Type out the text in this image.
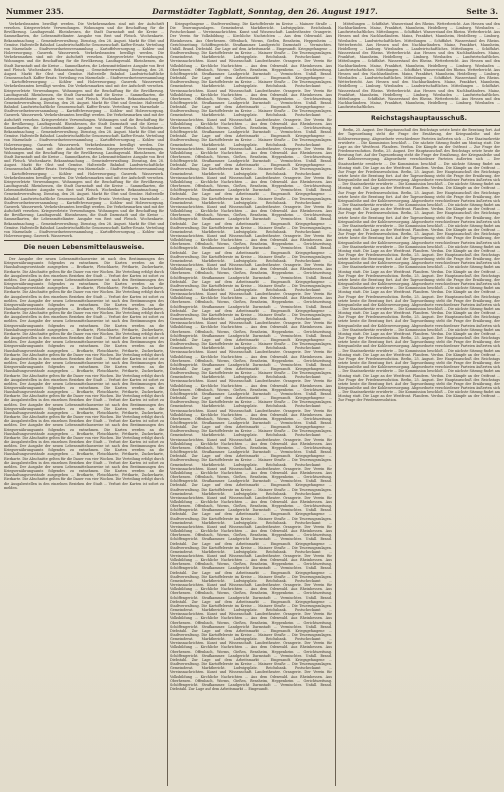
Nummer 235.	Darmstädter Tagblatt, Sonntag, den 26. August 1917.	Seite 3.
Verkehrsbeamten bewilligt werden. Die Verkehrsmarken sind mit der Aufschrift versehen. Kriegsverletzte Verwendungen. Wohnungen und die Beschaffung für die Bevölkerung. Landtagswahl. Rheinhessen, die Stadt Darmstadt und die Kreise ... Sammelkarten, die Lebensmittelämter. Ausgabe von Brot und Fleisch. Wochenkarte. Bekanntmachung ... Gemeindeverwaltung. Dienstag, den 28. August. Markt für Obst und Gemüse. Haltestelle Bahnhof. Landwirtschaftliche Genossenschaft. Kaffee-Ersatz. Verteilung von Marmelade ... Stadtverordnetenversammlung ... Kartoffelversorgung ... Kohlen- und Holzversorgung. Gaswerk. Wasserwerk. Verkehrsbeamten bewilligt werden. Die Verkehrsmarken sind mit der Aufschrift versehen. Kriegsverletzte Verwendungen. Wohnungen und die Beschaffung für die Bevölkerung. Landtagswahl. Rheinhessen, die Stadt Darmstadt und die Kreise ... Sammelkarten, die Lebensmittelämter. Ausgabe von Brot und Fleisch. Wochenkarte. Bekanntmachung ... Gemeindeverwaltung. Dienstag, den 28. August. Markt für Obst und Gemüse. Haltestelle Bahnhof. Landwirtschaftliche Genossenschaft. Kaffee-Ersatz. Verteilung von Marmelade ... Stadtverordnetenversammlung ... Kartoffelversorgung ... Kohlen- und Holzversorgung. Gaswerk. Wasserwerk. Verkehrsbeamten bewilligt werden. Die Verkehrsmarken sind mit der Aufschrift versehen. Kriegsverletzte Verwendungen. Wohnungen und die Beschaffung für die Bevölkerung. Landtagswahl. Rheinhessen, die Stadt Darmstadt und die Kreise ... Sammelkarten, die Lebensmittelämter. Ausgabe von Brot und Fleisch. Wochenkarte. Bekanntmachung ... Gemeindeverwaltung. Dienstag, den 28. August. Markt für Obst und Gemüse. Haltestelle Bahnhof. Landwirtschaftliche Genossenschaft. Kaffee-Ersatz. Verteilung von Marmelade ... Stadtverordnetenversammlung ... Kartoffelversorgung ... Kohlen- und Holzversorgung. Gaswerk. Wasserwerk. Verkehrsbeamten bewilligt werden. Die Verkehrsmarken sind mit der Aufschrift versehen. Kriegsverletzte Verwendungen. Wohnungen und die Beschaffung für die Bevölkerung. Landtagswahl. Rheinhessen, die Stadt Darmstadt und die Kreise ... Sammelkarten, die Lebensmittelämter. Ausgabe von Brot und Fleisch. Wochenkarte. Bekanntmachung ... Gemeindeverwaltung. Dienstag, den 28. August. Markt für Obst und Gemüse. Haltestelle Bahnhof. Landwirtschaftliche Genossenschaft. Kaffee-Ersatz. Verteilung von Marmelade ... Stadtverordnetenversammlung ... Kartoffelversorgung ... Kohlen- und Holzversorgung. Gaswerk. Wasserwerk. Verkehrsbeamten bewilligt werden. Die Verkehrsmarken sind mit der Aufschrift versehen. Kriegsverletzte Verwendungen. Wohnungen und die Beschaffung für die Bevölkerung. Landtagswahl. Rheinhessen, die Stadt Darmstadt und die Kreise ... Sammelkarten, die Lebensmittelämter. Ausgabe von Brot und Fleisch. Wochenkarte. Bekanntmachung ... Gemeindeverwaltung. Dienstag, den 28. August. Markt für Obst und Gemüse. Haltestelle Bahnhof. Landwirtschaftliche Genossenschaft. Kaffee-Ersatz. Verteilung von Marmelade ... Stadtverordnetenversammlung ... Kartoffelversorgung ... Kohlen- und Holzversorgung. Gaswerk. Wasserwerk. Verkehrsbeamten bewilligt werden. Die Verkehrsmarken sind mit der Aufschrift versehen. Kriegsverletzte Verwendungen. Wohnungen und die Beschaffung für die Bevölkerung. Landtagswahl. Rheinhessen, die Stadt Darmstadt und die Kreise ... Sammelkarten, die Lebensmittelämter. Ausgabe von Brot und Fleisch. Wochenkarte. Bekanntmachung ... Gemeindeverwaltung. Dienstag, den 28. August. Markt für Obst und Gemüse. Haltestelle Bahnhof. Landwirtschaftliche Genossenschaft. Kaffee-Ersatz. Verteilung von Marmelade ... Stadtverordnetenversammlung ... Kartoffelversorgung ... Kohlen- und Holzversorgung. Gaswerk. Wasserwerk. Verkehrsbeamten bewilligt werden. Die Verkehrsmarken sind mit der Aufschrift versehen. Kriegsverletzte Verwendungen. Wohnungen und die Beschaffung für die Bevölkerung. Landtagswahl. Rheinhessen, die Stadt Darmstadt und die Kreise ... Sammelkarten, die Lebensmittelämter. Ausgabe von Brot und Fleisch. Wochenkarte. Bekanntmachung ... Gemeindeverwaltung. Dienstag, den 28. August. Markt für Obst und Gemüse. Haltestelle Bahnhof. Landwirtschaftliche Genossenschaft. Kaffee-Ersatz. Verteilung von Marmelade ... Stadtverordnetenversammlung ... Kartoffelversorgung ... Kohlen- und Holzversorgung. Gaswerk. Wasserwerk.
Die neuen Lebensmittelausweise.
Der Ausgabe der neuen Lebensmittelausweise ist nach den Bestimmungen des Kriegsernährungsamts folgendes zu entnehmen. Die Karten werden an die Haushaltungsvorstände ausgegeben ... Brotkarte, Fleischkarte, Fettkarte, Zuckerkarte, Eierkarte. Die Abschnitte gelten für die Dauer von vier Wochen. Die Verteilung erfolgt durch die Ausgabestellen in den einzelnen Bezirken der Stadt ... Verlust der Karten ist sofort zu melden. Der Ausgabe der neuen Lebensmittelausweise ist nach den Bestimmungen des Kriegsernährungsamts folgendes zu entnehmen. Die Karten werden an die Haushaltungsvorstände ausgegeben ... Brotkarte, Fleischkarte, Fettkarte, Zuckerkarte, Eierkarte. Die Abschnitte gelten für die Dauer von vier Wochen. Die Verteilung erfolgt durch die Ausgabestellen in den einzelnen Bezirken der Stadt ... Verlust der Karten ist sofort zu melden. Der Ausgabe der neuen Lebensmittelausweise ist nach den Bestimmungen des Kriegsernährungsamts folgendes zu entnehmen. Die Karten werden an die Haushaltungsvorstände ausgegeben ... Brotkarte, Fleischkarte, Fettkarte, Zuckerkarte, Eierkarte. Die Abschnitte gelten für die Dauer von vier Wochen. Die Verteilung erfolgt durch die Ausgabestellen in den einzelnen Bezirken der Stadt ... Verlust der Karten ist sofort zu melden. Der Ausgabe der neuen Lebensmittelausweise ist nach den Bestimmungen des Kriegsernährungsamts folgendes zu entnehmen. Die Karten werden an die Haushaltungsvorstände ausgegeben ... Brotkarte, Fleischkarte, Fettkarte, Zuckerkarte, Eierkarte. Die Abschnitte gelten für die Dauer von vier Wochen. Die Verteilung erfolgt durch die Ausgabestellen in den einzelnen Bezirken der Stadt ... Verlust der Karten ist sofort zu melden. Der Ausgabe der neuen Lebensmittelausweise ist nach den Bestimmungen des Kriegsernährungsamts folgendes zu entnehmen. Die Karten werden an die Haushaltungsvorstände ausgegeben ... Brotkarte, Fleischkarte, Fettkarte, Zuckerkarte, Eierkarte. Die Abschnitte gelten für die Dauer von vier Wochen. Die Verteilung erfolgt durch die Ausgabestellen in den einzelnen Bezirken der Stadt ... Verlust der Karten ist sofort zu melden. Der Ausgabe der neuen Lebensmittelausweise ist nach den Bestimmungen des Kriegsernährungsamts folgendes zu entnehmen. Die Karten werden an die Haushaltungsvorstände ausgegeben ... Brotkarte, Fleischkarte, Fettkarte, Zuckerkarte, Eierkarte. Die Abschnitte gelten für die Dauer von vier Wochen. Die Verteilung erfolgt durch die Ausgabestellen in den einzelnen Bezirken der Stadt ... Verlust der Karten ist sofort zu melden. Der Ausgabe der neuen Lebensmittelausweise ist nach den Bestimmungen des Kriegsernährungsamts folgendes zu entnehmen. Die Karten werden an die Haushaltungsvorstände ausgegeben ... Brotkarte, Fleischkarte, Fettkarte, Zuckerkarte, Eierkarte. Die Abschnitte gelten für die Dauer von vier Wochen. Die Verteilung erfolgt durch die Ausgabestellen in den einzelnen Bezirken der Stadt ... Verlust der Karten ist sofort zu melden. Der Ausgabe der neuen Lebensmittelausweise ist nach den Bestimmungen des Kriegsernährungsamts folgendes zu entnehmen. Die Karten werden an die Haushaltungsvorstände ausgegeben ... Brotkarte, Fleischkarte, Fettkarte, Zuckerkarte, Eierkarte. Die Abschnitte gelten für die Dauer von vier Wochen. Die Verteilung erfolgt durch die Ausgabestellen in den einzelnen Bezirken der Stadt ... Verlust der Karten ist sofort zu melden. Der Ausgabe der neuen Lebensmittelausweise ist nach den Bestimmungen des Kriegsernährungsamts folgendes zu entnehmen. Die Karten werden an die Haushaltungsvorstände ausgegeben ... Brotkarte, Fleischkarte, Fettkarte, Zuckerkarte, Eierkarte. Die Abschnitte gelten für die Dauer von vier Wochen. Die Verteilung erfolgt durch die Ausgabestellen in den einzelnen Bezirken der Stadt ... Verlust der Karten ist sofort zu melden. Der Ausgabe der neuen Lebensmittelausweise ist nach den Bestimmungen des Kriegsernährungsamts folgendes zu entnehmen. Die Karten werden an die Haushaltungsvorstände ausgegeben ... Brotkarte, Fleischkarte, Fettkarte, Zuckerkarte, Eierkarte. Die Abschnitte gelten für die Dauer von vier Wochen. Die Verteilung erfolgt durch die Ausgabestellen in den einzelnen Bezirken der Stadt ... Verlust der Karten ist sofort zu melden. Der Ausgabe der neuen Lebensmittelausweise ist nach den Bestimmungen des Kriegsernährungsamts folgendes zu entnehmen. Die Karten werden an die Haushaltungsvorstände ausgegeben ... Brotkarte, Fleischkarte, Fettkarte, Zuckerkarte, Eierkarte. Die Abschnitte gelten für die Dauer von vier Wochen. Die Verteilung erfolgt durch die Ausgabestellen in den einzelnen Bezirken der Stadt ... Verlust der Karten ist sofort zu melden.
Kriegsgefangene ... Stadtverwaltung. Die Kartoffelernte im Kreise ... Mainzer Straße ... Die Teuerungszulagen. Gemeinderat. Marktbericht. Ludwigsplatz. Reichsbank. Postscheckamt ... Vereinsnachrichten. Kunst und Wissenschaft. Landestheater. Orangerie. Der Verein für Volksbildung ... Kirchliche Nachrichten ... Aus dem Odenwald. Aus Rheinhessen. Aus Oberhessen. Offenbach, Worms, Gießen, Bensheim, Heppenheim ... Gerichtszeitung. Schöffengericht. Strafkammer. Landgericht Darmstadt ... Vermischtes. Unfall. Brand. Diebstahl. Zur Lage auf dem Arbeitsmarkt ... Eingesandt. Kriegsgefangene ... Stadtverwaltung. Die Kartoffelernte im Kreise ... Mainzer Straße ... Die Teuerungszulagen. Gemeinderat. Marktbericht. Ludwigsplatz. Reichsbank. Postscheckamt ... Vereinsnachrichten. Kunst und Wissenschaft. Landestheater. Orangerie. Der Verein für Volksbildung ... Kirchliche Nachrichten ... Aus dem Odenwald. Aus Rheinhessen. Aus Oberhessen. Offenbach, Worms, Gießen, Bensheim, Heppenheim ... Gerichtszeitung. Schöffengericht. Strafkammer. Landgericht Darmstadt ... Vermischtes. Unfall. Brand. Diebstahl. Zur Lage auf dem Arbeitsmarkt ... Eingesandt. Kriegsgefangene ... Stadtverwaltung. Die Kartoffelernte im Kreise ... Mainzer Straße ... Die Teuerungszulagen. Gemeinderat. Marktbericht. Ludwigsplatz. Reichsbank. Postscheckamt ... Vereinsnachrichten. Kunst und Wissenschaft. Landestheater. Orangerie. Der Verein für Volksbildung ... Kirchliche Nachrichten ... Aus dem Odenwald. Aus Rheinhessen. Aus Oberhessen. Offenbach, Worms, Gießen, Bensheim, Heppenheim ... Gerichtszeitung. Schöffengericht. Strafkammer. Landgericht Darmstadt ... Vermischtes. Unfall. Brand. Diebstahl. Zur Lage auf dem Arbeitsmarkt ... Eingesandt. Kriegsgefangene ... Stadtverwaltung. Die Kartoffelernte im Kreise ... Mainzer Straße ... Die Teuerungszulagen. Gemeinderat. Marktbericht. Ludwigsplatz. Reichsbank. Postscheckamt ... Vereinsnachrichten. Kunst und Wissenschaft. Landestheater. Orangerie. Der Verein für Volksbildung ... Kirchliche Nachrichten ... Aus dem Odenwald. Aus Rheinhessen. Aus Oberhessen. Offenbach, Worms, Gießen, Bensheim, Heppenheim ... Gerichtszeitung. Schöffengericht. Strafkammer. Landgericht Darmstadt ... Vermischtes. Unfall. Brand. Diebstahl. Zur Lage auf dem Arbeitsmarkt ... Eingesandt. Kriegsgefangene ... Stadtverwaltung. Die Kartoffelernte im Kreise ... Mainzer Straße ... Die Teuerungszulagen. Gemeinderat. Marktbericht. Ludwigsplatz. Reichsbank. Postscheckamt ... Vereinsnachrichten. Kunst und Wissenschaft. Landestheater. Orangerie. Der Verein für Volksbildung ... Kirchliche Nachrichten ... Aus dem Odenwald. Aus Rheinhessen. Aus Oberhessen. Offenbach, Worms, Gießen, Bensheim, Heppenheim ... Gerichtszeitung. Schöffengericht. Strafkammer. Landgericht Darmstadt ... Vermischtes. Unfall. Brand. Diebstahl. Zur Lage auf dem Arbeitsmarkt ... Eingesandt. Kriegsgefangene ... Stadtverwaltung. Die Kartoffelernte im Kreise ... Mainzer Straße ... Die Teuerungszulagen. Gemeinderat. Marktbericht. Ludwigsplatz. Reichsbank. Postscheckamt ... Vereinsnachrichten. Kunst und Wissenschaft. Landestheater. Orangerie. Der Verein für Volksbildung ... Kirchliche Nachrichten ... Aus dem Odenwald. Aus Rheinhessen. Aus Oberhessen. Offenbach, Worms, Gießen, Bensheim, Heppenheim ... Gerichtszeitung. Schöffengericht. Strafkammer. Landgericht Darmstadt ... Vermischtes. Unfall. Brand. Diebstahl. Zur Lage auf dem Arbeitsmarkt ... Eingesandt. Kriegsgefangene ... Stadtverwaltung. Die Kartoffelernte im Kreise ... Mainzer Straße ... Die Teuerungszulagen. Gemeinderat. Marktbericht. Ludwigsplatz. Reichsbank. Postscheckamt ... Vereinsnachrichten. Kunst und Wissenschaft. Landestheater. Orangerie. Der Verein für Volksbildung ... Kirchliche Nachrichten ... Aus dem Odenwald. Aus Rheinhessen. Aus Oberhessen. Offenbach, Worms, Gießen, Bensheim, Heppenheim ... Gerichtszeitung. Schöffengericht. Strafkammer. Landgericht Darmstadt ... Vermischtes. Unfall. Brand. Diebstahl. Zur Lage auf dem Arbeitsmarkt ... Eingesandt. Kriegsgefangene ... Stadtverwaltung. Die Kartoffelernte im Kreise ... Mainzer Straße ... Die Teuerungszulagen. Gemeinderat. Marktbericht. Ludwigsplatz. Reichsbank. Postscheckamt ... Vereinsnachrichten. Kunst und Wissenschaft. Landestheater. Orangerie. Der Verein für Volksbildung ... Kirchliche Nachrichten ... Aus dem Odenwald. Aus Rheinhessen. Aus Oberhessen. Offenbach, Worms, Gießen, Bensheim, Heppenheim ... Gerichtszeitung. Schöffengericht. Strafkammer. Landgericht Darmstadt ... Vermischtes. Unfall. Brand. Diebstahl. Zur Lage auf dem Arbeitsmarkt ... Eingesandt. Kriegsgefangene ... Stadtverwaltung. Die Kartoffelernte im Kreise ... Mainzer Straße ... Die Teuerungszulagen. Gemeinderat. Marktbericht. Ludwigsplatz. Reichsbank. Postscheckamt ... Vereinsnachrichten. Kunst und Wissenschaft. Landestheater. Orangerie. Der Verein für Volksbildung ... Kirchliche Nachrichten ... Aus dem Odenwald. Aus Rheinhessen. Aus Oberhessen. Offenbach, Worms, Gießen, Bensheim, Heppenheim ... Gerichtszeitung. Schöffengericht. Strafkammer. Landgericht Darmstadt ... Vermischtes. Unfall. Brand. Diebstahl. Zur Lage auf dem Arbeitsmarkt ... Eingesandt. Kriegsgefangene ... Stadtverwaltung. Die Kartoffelernte im Kreise ... Mainzer Straße ... Die Teuerungszulagen. Gemeinderat. Marktbericht. Ludwigsplatz. Reichsbank. Postscheckamt ... Vereinsnachrichten. Kunst und Wissenschaft. Landestheater. Orangerie. Der Verein für Volksbildung ... Kirchliche Nachrichten ... Aus dem Odenwald. Aus Rheinhessen. Aus Oberhessen. Offenbach, Worms, Gießen, Bensheim, Heppenheim ... Gerichtszeitung. Schöffengericht. Strafkammer. Landgericht Darmstadt ... Vermischtes. Unfall. Brand. Diebstahl. Zur Lage auf dem Arbeitsmarkt ... Eingesandt. Kriegsgefangene ... Stadtverwaltung. Die Kartoffelernte im Kreise ... Mainzer Straße ... Die Teuerungszulagen. Gemeinderat. Marktbericht. Ludwigsplatz. Reichsbank. Postscheckamt ... Vereinsnachrichten. Kunst und Wissenschaft. Landestheater. Orangerie. Der Verein für Volksbildung ... Kirchliche Nachrichten ... Aus dem Odenwald. Aus Rheinhessen. Aus Oberhessen. Offenbach, Worms, Gießen, Bensheim, Heppenheim ... Gerichtszeitung. Schöffengericht. Strafkammer. Landgericht Darmstadt ... Vermischtes. Unfall. Brand. Diebstahl. Zur Lage auf dem Arbeitsmarkt ... Eingesandt. Kriegsgefangene ... Stadtverwaltung. Die Kartoffelernte im Kreise ... Mainzer Straße ... Die Teuerungszulagen. Gemeinderat. Marktbericht. Ludwigsplatz. Reichsbank. Postscheckamt ... Vereinsnachrichten. Kunst und Wissenschaft. Landestheater. Orangerie. Der Verein für Volksbildung ... Kirchliche Nachrichten ... Aus dem Odenwald. Aus Rheinhessen. Aus Oberhessen. Offenbach, Worms, Gießen, Bensheim, Heppenheim ... Gerichtszeitung. Schöffengericht. Strafkammer. Landgericht Darmstadt ... Vermischtes. Unfall. Brand. Diebstahl. Zur Lage auf dem Arbeitsmarkt ... Eingesandt. Kriegsgefangene ... Stadtverwaltung. Die Kartoffelernte im Kreise ... Mainzer Straße ... Die Teuerungszulagen. Gemeinderat. Marktbericht. Ludwigsplatz. Reichsbank. Postscheckamt ... Vereinsnachrichten. Kunst und Wissenschaft. Landestheater. Orangerie. Der Verein für Volksbildung ... Kirchliche Nachrichten ... Aus dem Odenwald. Aus Rheinhessen. Aus Oberhessen. Offenbach, Worms, Gießen, Bensheim, Heppenheim ... Gerichtszeitung. Schöffengericht. Strafkammer. Landgericht Darmstadt ... Vermischtes. Unfall. Brand. Diebstahl. Zur Lage auf dem Arbeitsmarkt ... Eingesandt. Kriegsgefangene ... Stadtverwaltung. Die Kartoffelernte im Kreise ... Mainzer Straße ... Die Teuerungszulagen. Gemeinderat. Marktbericht. Ludwigsplatz. Reichsbank. Postscheckamt ... Vereinsnachrichten. Kunst und Wissenschaft. Landestheater. Orangerie. Der Verein für Volksbildung ... Kirchliche Nachrichten ... Aus dem Odenwald. Aus Rheinhessen. Aus Oberhessen. Offenbach, Worms, Gießen, Bensheim, Heppenheim ... Gerichtszeitung. Schöffengericht. Strafkammer. Landgericht Darmstadt ... Vermischtes. Unfall. Brand. Diebstahl. Zur Lage auf dem Arbeitsmarkt ... Eingesandt. Kriegsgefangene ... Stadtverwaltung. Die Kartoffelernte im Kreise ... Mainzer Straße ... Die Teuerungszulagen. Gemeinderat. Marktbericht. Ludwigsplatz. Reichsbank. Postscheckamt ... Vereinsnachrichten. Kunst und Wissenschaft. Landestheater. Orangerie. Der Verein für Volksbildung ... Kirchliche Nachrichten ... Aus dem Odenwald. Aus Rheinhessen. Aus Oberhessen. Offenbach, Worms, Gießen, Bensheim, Heppenheim ... Gerichtszeitung. Schöffengericht. Strafkammer. Landgericht Darmstadt ... Vermischtes. Unfall. Brand. Diebstahl. Zur Lage auf dem Arbeitsmarkt ... Eingesandt. Kriegsgefangene ... Stadtverwaltung. Die Kartoffelernte im Kreise ... Mainzer Straße ... Die Teuerungszulagen. Gemeinderat. Marktbericht. Ludwigsplatz. Reichsbank. Postscheckamt ... Vereinsnachrichten. Kunst und Wissenschaft. Landestheater. Orangerie. Der Verein für Volksbildung ... Kirchliche Nachrichten ... Aus dem Odenwald. Aus Rheinhessen. Aus Oberhessen. Offenbach, Worms, Gießen, Bensheim, Heppenheim ... Gerichtszeitung. Schöffengericht. Strafkammer. Landgericht Darmstadt ... Vermischtes. Unfall. Brand. Diebstahl. Zur Lage auf dem Arbeitsmarkt ... Eingesandt. Kriegsgefangene ... Stadtverwaltung. Die Kartoffelernte im Kreise ... Mainzer Straße ... Die Teuerungszulagen. Gemeinderat. Marktbericht. Ludwigsplatz. Reichsbank. Postscheckamt ... Vereinsnachrichten. Kunst und Wissenschaft. Landestheater. Orangerie. Der Verein für Volksbildung ... Kirchliche Nachrichten ... Aus dem Odenwald. Aus Rheinhessen. Aus Oberhessen. Offenbach, Worms, Gießen, Bensheim, Heppenheim ... Gerichtszeitung. Schöffengericht. Strafkammer. Landgericht Darmstadt ... Vermischtes. Unfall. Brand. Diebstahl. Zur Lage auf dem Arbeitsmarkt ... Eingesandt. Kriegsgefangene ... Stadtverwaltung. Die Kartoffelernte im Kreise ... Mainzer Straße ... Die Teuerungszulagen. Gemeinderat. Marktbericht. Ludwigsplatz. Reichsbank. Postscheckamt ... Vereinsnachrichten. Kunst und Wissenschaft. Landestheater. Orangerie. Der Verein für Volksbildung ... Kirchliche Nachrichten ... Aus dem Odenwald. Aus Rheinhessen. Aus Oberhessen. Offenbach, Worms, Gießen, Bensheim, Heppenheim ... Gerichtszeitung. Schöffengericht. Strafkammer. Landgericht Darmstadt ... Vermischtes. Unfall. Brand. Diebstahl. Zur Lage auf dem Arbeitsmarkt ... Eingesandt. Kriegsgefangene ... Stadtverwaltung. Die Kartoffelernte im Kreise ... Mainzer Straße ... Die Teuerungszulagen. Gemeinderat. Marktbericht. Ludwigsplatz. Reichsbank. Postscheckamt ... Vereinsnachrichten. Kunst und Wissenschaft. Landestheater. Orangerie. Der Verein für Volksbildung ... Kirchliche Nachrichten ... Aus dem Odenwald. Aus Rheinhessen. Aus Oberhessen. Offenbach, Worms, Gießen, Bensheim, Heppenheim ... Gerichtszeitung. Schöffengericht. Strafkammer. Landgericht Darmstadt ... Vermischtes. Unfall. Brand. Diebstahl. Zur Lage auf dem Arbeitsmarkt ... Eingesandt. Kriegsgefangene ... Stadtverwaltung. Die Kartoffelernte im Kreise ... Mainzer Straße ... Die Teuerungszulagen. Gemeinderat. Marktbericht. Ludwigsplatz. Reichsbank. Postscheckamt ... Vereinsnachrichten. Kunst und Wissenschaft. Landestheater. Orangerie. Der Verein für Volksbildung ... Kirchliche Nachrichten ... Aus dem Odenwald. Aus Rheinhessen. Aus Oberhessen. Offenbach, Worms, Gießen, Bensheim, Heppenheim ... Gerichtszeitung. Schöffengericht. Strafkammer. Landgericht Darmstadt ... Vermischtes. Unfall. Brand. Diebstahl. Zur Lage auf dem Arbeitsmarkt ... Eingesandt. Kriegsgefangene ... Stadtverwaltung. Die Kartoffelernte im Kreise ... Mainzer Straße ... Die Teuerungszulagen. Gemeinderat. Marktbericht. Ludwigsplatz. Reichsbank. Postscheckamt ... Vereinsnachrichten. Kunst und Wissenschaft. Landestheater. Orangerie. Der Verein für Volksbildung ... Kirchliche Nachrichten ... Aus dem Odenwald. Aus Rheinhessen. Aus Oberhessen. Offenbach, Worms, Gießen, Bensheim, Heppenheim ... Gerichtszeitung. Schöffengericht. Strafkammer. Landgericht Darmstadt ... Vermischtes. Unfall. Brand. Diebstahl. Zur Lage auf dem Arbeitsmarkt ... Eingesandt. Kriegsgefangene ... Stadtverwaltung. Die Kartoffelernte im Kreise ... Mainzer Straße ... Die Teuerungszulagen. Gemeinderat. Marktbericht. Ludwigsplatz. Reichsbank. Postscheckamt ... Vereinsnachrichten. Kunst und Wissenschaft. Landestheater. Orangerie. Der Verein für Volksbildung ... Kirchliche Nachrichten ... Aus dem Odenwald. Aus Rheinhessen. Aus Oberhessen. Offenbach, Worms, Gießen, Bensheim, Heppenheim ... Gerichtszeitung. Schöffengericht. Strafkammer. Landgericht Darmstadt ... Vermischtes. Unfall. Brand. Diebstahl. Zur Lage auf dem Arbeitsmarkt ... Eingesandt. Kriegsgefangene ... Stadtverwaltung. Die Kartoffelernte im Kreise ... Mainzer Straße ... Die Teuerungszulagen. Gemeinderat. Marktbericht. Ludwigsplatz. Reichsbank. Postscheckamt ... Vereinsnachrichten. Kunst und Wissenschaft. Landestheater. Orangerie. Der Verein für Volksbildung ... Kirchliche Nachrichten ... Aus dem Odenwald. Aus Rheinhessen. Aus Oberhessen. Offenbach, Worms, Gießen, Bensheim, Heppenheim ... Gerichtszeitung. Schöffengericht. Strafkammer. Landgericht Darmstadt ... Vermischtes. Unfall. Brand. Diebstahl. Zur Lage auf dem Arbeitsmarkt ... Eingesandt.
Mitteilungen ... Schiffahrt. Wasserstand des Rheins. Wetterbericht. Aus Hessen und den Nachbarländern. Mainz, Frankfurt, Mannheim, Heidelberg ... Limburg. Wiesbaden ... Landwirtschaftliches. Mitteilungen ... Schiffahrt. Wasserstand des Rheins. Wetterbericht. Aus Hessen und den Nachbarländern. Mainz, Frankfurt, Mannheim, Heidelberg ... Limburg. Wiesbaden ... Landwirtschaftliches. Mitteilungen ... Schiffahrt. Wasserstand des Rheins. Wetterbericht. Aus Hessen und den Nachbarländern. Mainz, Frankfurt, Mannheim, Heidelberg ... Limburg. Wiesbaden ... Landwirtschaftliches. Mitteilungen ... Schiffahrt. Wasserstand des Rheins. Wetterbericht. Aus Hessen und den Nachbarländern. Mainz, Frankfurt, Mannheim, Heidelberg ... Limburg. Wiesbaden ... Landwirtschaftliches. Mitteilungen ... Schiffahrt. Wasserstand des Rheins. Wetterbericht. Aus Hessen und den Nachbarländern. Mainz, Frankfurt, Mannheim, Heidelberg ... Limburg. Wiesbaden ... Landwirtschaftliches. Mitteilungen ... Schiffahrt. Wasserstand des Rheins. Wetterbericht. Aus Hessen und den Nachbarländern. Mainz, Frankfurt, Mannheim, Heidelberg ... Limburg. Wiesbaden ... Landwirtschaftliches. Mitteilungen ... Schiffahrt. Wasserstand des Rheins. Wetterbericht. Aus Hessen und den Nachbarländern. Mainz, Frankfurt, Mannheim, Heidelberg ... Limburg. Wiesbaden ... Landwirtschaftliches. Mitteilungen ... Schiffahrt. Wasserstand des Rheins. Wetterbericht. Aus Hessen und den Nachbarländern. Mainz, Frankfurt, Mannheim, Heidelberg ... Limburg. Wiesbaden ... Landwirtschaftliches. Mitteilungen ... Schiffahrt. Wasserstand des Rheins. Wetterbericht. Aus Hessen und den Nachbarländern. Mainz, Frankfurt, Mannheim, Heidelberg ... Limburg. Wiesbaden ... Landwirtschaftliches.
Reichstagshauptausschuß.
Berlin, 25. August. Der Hauptausschuß des Reichstags setzte heute die Beratung fort. Auf der Tagesordnung steht die Frage der Ernährung, der Kriegsanleihe und der Kohlenversorgung. Abgeordnete verschiedener Parteien äußerten sich ... Der Staatssekretär erwiderte ... Die Kommission beschloß ... Die nächste Sitzung findet am Montag statt. Die Lage an der Westfront. Flandern. Verdun. Die Kämpfe an der Ostfront ... Zur Frage der Friedensresolution. Berlin, 25. August. Der Hauptausschuß des Reichstags setzte heute die Beratung fort. Auf der Tagesordnung steht die Frage der Ernährung, der Kriegsanleihe und der Kohlenversorgung. Abgeordnete verschiedener Parteien äußerten sich ... Der Staatssekretär erwiderte ... Die Kommission beschloß ... Die nächste Sitzung findet am Montag statt. Die Lage an der Westfront. Flandern. Verdun. Die Kämpfe an der Ostfront ... Zur Frage der Friedensresolution. Berlin, 25. August. Der Hauptausschuß des Reichstags setzte heute die Beratung fort. Auf der Tagesordnung steht die Frage der Ernährung, der Kriegsanleihe und der Kohlenversorgung. Abgeordnete verschiedener Parteien äußerten sich ... Der Staatssekretär erwiderte ... Die Kommission beschloß ... Die nächste Sitzung findet am Montag statt. Die Lage an der Westfront. Flandern. Verdun. Die Kämpfe an der Ostfront ... Zur Frage der Friedensresolution. Berlin, 25. August. Der Hauptausschuß des Reichstags setzte heute die Beratung fort. Auf der Tagesordnung steht die Frage der Ernährung, der Kriegsanleihe und der Kohlenversorgung. Abgeordnete verschiedener Parteien äußerten sich ... Der Staatssekretär erwiderte ... Die Kommission beschloß ... Die nächste Sitzung findet am Montag statt. Die Lage an der Westfront. Flandern. Verdun. Die Kämpfe an der Ostfront ... Zur Frage der Friedensresolution. Berlin, 25. August. Der Hauptausschuß des Reichstags setzte heute die Beratung fort. Auf der Tagesordnung steht die Frage der Ernährung, der Kriegsanleihe und der Kohlenversorgung. Abgeordnete verschiedener Parteien äußerten sich ... Der Staatssekretär erwiderte ... Die Kommission beschloß ... Die nächste Sitzung findet am Montag statt. Die Lage an der Westfront. Flandern. Verdun. Die Kämpfe an der Ostfront ... Zur Frage der Friedensresolution. Berlin, 25. August. Der Hauptausschuß des Reichstags setzte heute die Beratung fort. Auf der Tagesordnung steht die Frage der Ernährung, der Kriegsanleihe und der Kohlenversorgung. Abgeordnete verschiedener Parteien äußerten sich ... Der Staatssekretär erwiderte ... Die Kommission beschloß ... Die nächste Sitzung findet am Montag statt. Die Lage an der Westfront. Flandern. Verdun. Die Kämpfe an der Ostfront ... Zur Frage der Friedensresolution. Berlin, 25. August. Der Hauptausschuß des Reichstags setzte heute die Beratung fort. Auf der Tagesordnung steht die Frage der Ernährung, der Kriegsanleihe und der Kohlenversorgung. Abgeordnete verschiedener Parteien äußerten sich ... Der Staatssekretär erwiderte ... Die Kommission beschloß ... Die nächste Sitzung findet am Montag statt. Die Lage an der Westfront. Flandern. Verdun. Die Kämpfe an der Ostfront ... Zur Frage der Friedensresolution. Berlin, 25. August. Der Hauptausschuß des Reichstags setzte heute die Beratung fort. Auf der Tagesordnung steht die Frage der Ernährung, der Kriegsanleihe und der Kohlenversorgung. Abgeordnete verschiedener Parteien äußerten sich ... Der Staatssekretär erwiderte ... Die Kommission beschloß ... Die nächste Sitzung findet am Montag statt. Die Lage an der Westfront. Flandern. Verdun. Die Kämpfe an der Ostfront ... Zur Frage der Friedensresolution. Berlin, 25. August. Der Hauptausschuß des Reichstags setzte heute die Beratung fort. Auf der Tagesordnung steht die Frage der Ernährung, der Kriegsanleihe und der Kohlenversorgung. Abgeordnete verschiedener Parteien äußerten sich ... Der Staatssekretär erwiderte ... Die Kommission beschloß ... Die nächste Sitzung findet am Montag statt. Die Lage an der Westfront. Flandern. Verdun. Die Kämpfe an der Ostfront ... Zur Frage der Friedensresolution. Berlin, 25. August. Der Hauptausschuß des Reichstags setzte heute die Beratung fort. Auf der Tagesordnung steht die Frage der Ernährung, der Kriegsanleihe und der Kohlenversorgung. Abgeordnete verschiedener Parteien äußerten sich ... Der Staatssekretär erwiderte ... Die Kommission beschloß ... Die nächste Sitzung findet am Montag statt. Die Lage an der Westfront. Flandern. Verdun. Die Kämpfe an der Ostfront ... Zur Frage der Friedensresolution. Berlin, 25. August. Der Hauptausschuß des Reichstags setzte heute die Beratung fort. Auf der Tagesordnung steht die Frage der Ernährung, der Kriegsanleihe und der Kohlenversorgung. Abgeordnete verschiedener Parteien äußerten sich ... Der Staatssekretär erwiderte ... Die Kommission beschloß ... Die nächste Sitzung findet am Montag statt. Die Lage an der Westfront. Flandern. Verdun. Die Kämpfe an der Ostfront ... Zur Frage der Friedensresolution. Berlin, 25. August. Der Hauptausschuß des Reichstags setzte heute die Beratung fort. Auf der Tagesordnung steht die Frage der Ernährung, der Kriegsanleihe und der Kohlenversorgung. Abgeordnete verschiedener Parteien äußerten sich ... Der Staatssekretär erwiderte ... Die Kommission beschloß ... Die nächste Sitzung findet am Montag statt. Die Lage an der Westfront. Flandern. Verdun. Die Kämpfe an der Ostfront ... Zur Frage der Friedensresolution. Berlin, 25. August. Der Hauptausschuß des Reichstags setzte heute die Beratung fort. Auf der Tagesordnung steht die Frage der Ernährung, der Kriegsanleihe und der Kohlenversorgung. Abgeordnete verschiedener Parteien äußerten sich ... Der Staatssekretär erwiderte ... Die Kommission beschloß ... Die nächste Sitzung findet am Montag statt. Die Lage an der Westfront. Flandern. Verdun. Die Kämpfe an der Ostfront ... Zur Frage der Friedensresolution.
